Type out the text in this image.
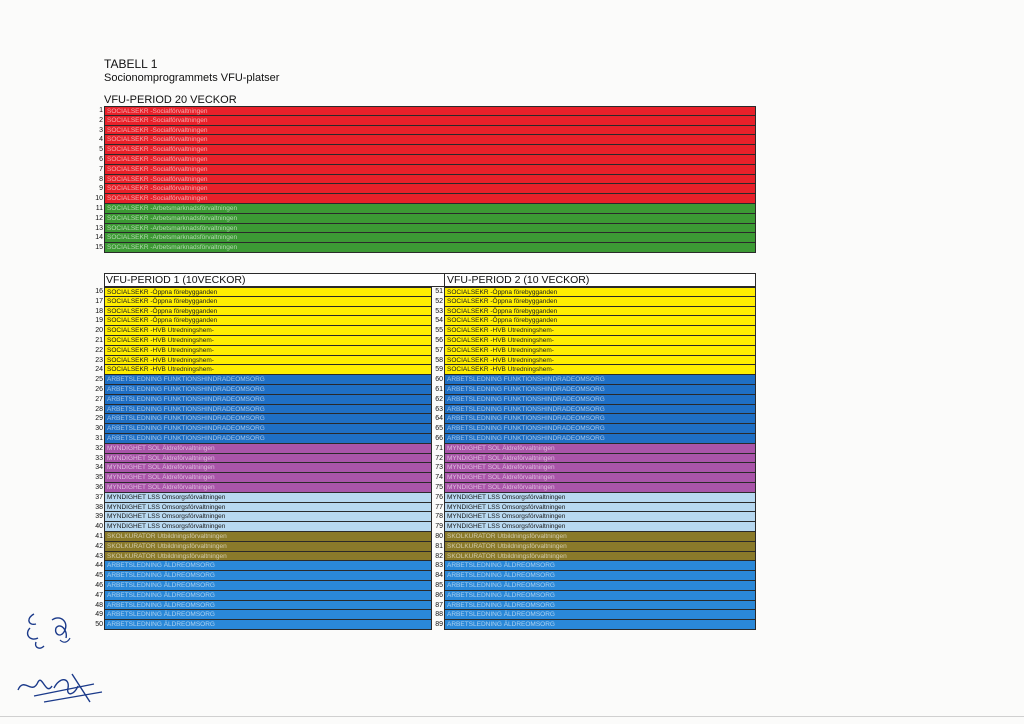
TABELL 1
Socionomprogrammets VFU-platser
VFU-PERIOD 20 VECKOR
1 SOCIALSEKR -Socialförvaltningen
2 SOCIALSEKR -Socialförvaltningen
3 SOCIALSEKR -Socialförvaltningen
4 SOCIALSEKR -Socialförvaltningen
5 SOCIALSEKR -Socialförvaltningen
6 SOCIALSEKR -Socialförvaltningen
7 SOCIALSEKR -Socialförvaltningen
8 SOCIALSEKR -Socialförvaltningen
9 SOCIALSEKR -Socialförvaltningen
10 SOCIALSEKR -Socialförvaltningen
11 SOCIALSEKR -Arbetsmarknadsförvaltningen
12 SOCIALSEKR -Arbetsmarknadsförvaltningen
13 SOCIALSEKR -Arbetsmarknadsförvaltningen
14 SOCIALSEKR -Arbetsmarknadsförvaltningen
15 SOCIALSEKR -Arbetsmarknadsförvaltningen
VFU-PERIOD 1 (10VECKOR)	VFU-PERIOD 2 (10 VECKOR)
16 SOCIALSEKR -Öppna förebygganden
17 SOCIALSEKR -Öppna förebygganden
18 SOCIALSEKR -Öppna förebygganden
19 SOCIALSEKR -Öppna förebygganden
20 SOCIALSEKR -HVB Utredningshem-
21 SOCIALSEKR -HVB Utredningshem-
22 SOCIALSEKR -HVB Utredningshem-
23 SOCIALSEKR -HVB Utredningshem-
24 SOCIALSEKR -HVB Utredningshem-
25 ARBETSLEDNING FUNKTIONSHINDRADEOMSORG
26 ARBETSLEDNING FUNKTIONSHINDRADEOMSORG
27 ARBETSLEDNING FUNKTIONSHINDRADEOMSORG
28 ARBETSLEDNING FUNKTIONSHINDRADEOMSORG
29 ARBETSLEDNING FUNKTIONSHINDRADEOMSORG
30 ARBETSLEDNING FUNKTIONSHINDRADEOMSORG
31 ARBETSLEDNING FUNKTIONSHINDRADEOMSORG
32 MYNDIGHET SOL Äldreförvaltningen
33 MYNDIGHET SOL Äldreförvaltningen
34 MYNDIGHET SOL Äldreförvaltningen
35 MYNDIGHET SOL Äldreförvaltningen
36 MYNDIGHET SOL Äldreförvaltningen
37 MYNDIGHET LSS Omsorgsförvaltningen
38 MYNDIGHET LSS Omsorgsförvaltningen
39 MYNDIGHET LSS Omsorgsförvaltningen
40 MYNDIGHET LSS Omsorgsförvaltningen
41 SKOLKURATOR Utbildningsförvaltningen
42 SKOLKURATOR Utbildningsförvaltningen
43 SKOLKURATOR Utbildningsförvaltningen
44 ARBETSLEDNING ÄLDREOMSORG
45 ARBETSLEDNING ÄLDREOMSORG
46 ARBETSLEDNING ÄLDREOMSORG
47 ARBETSLEDNING ÄLDREOMSORG
48 ARBETSLEDNING ÄLDREOMSORG
49 ARBETSLEDNING ÄLDREOMSORG
50 ARBETSLEDNING ÄLDREOMSORG
51 SOCIALSEKR -Öppna förebygganden
52 SOCIALSEKR -Öppna förebygganden
53 SOCIALSEKR -Öppna förebygganden
54 SOCIALSEKR -Öppna förebygganden
55 SOCIALSEKR -HVB Utredningshem-
56 SOCIALSEKR -HVB Utredningshem-
57 SOCIALSEKR -HVB Utredningshem-
58 SOCIALSEKR -HVB Utredningshem-
59 SOCIALSEKR -HVB Utredningshem-
60 ARBETSLEDNING FUNKTIONSHINDRADEOMSORG
61 ARBETSLEDNING FUNKTIONSHINDRADEOMSORG
62 ARBETSLEDNING FUNKTIONSHINDRADEOMSORG
63 ARBETSLEDNING FUNKTIONSHINDRADEOMSORG
64 ARBETSLEDNING FUNKTIONSHINDRADEOMSORG
65 ARBETSLEDNING FUNKTIONSHINDRADEOMSORG
66 ARBETSLEDNING FUNKTIONSHINDRADEOMSORG
71 MYNDIGHET SOL Äldreförvaltningen
72 MYNDIGHET SOL Äldreförvaltningen
73 MYNDIGHET SOL Äldreförvaltningen
74 MYNDIGHET SOL Äldreförvaltningen
75 MYNDIGHET SOL Äldreförvaltningen
76 MYNDIGHET LSS Omsorgsförvaltningen
77 MYNDIGHET LSS Omsorgsförvaltningen
78 MYNDIGHET LSS Omsorgsförvaltningen
79 MYNDIGHET LSS Omsorgsförvaltningen
80 SKOLKURATOR Utbildningsförvaltningen
81 SKOLKURATOR Utbildningsförvaltningen
82 SKOLKURATOR Utbildningsförvaltningen
83 ARBETSLEDNING ÄLDREOMSORG
84 ARBETSLEDNING ÄLDREOMSORG
85 ARBETSLEDNING ÄLDREOMSORG
86 ARBETSLEDNING ÄLDREOMSORG
87 ARBETSLEDNING ÄLDREOMSORG
88 ARBETSLEDNING ÄLDREOMSORG
89 ARBETSLEDNING ÄLDREOMSORG
